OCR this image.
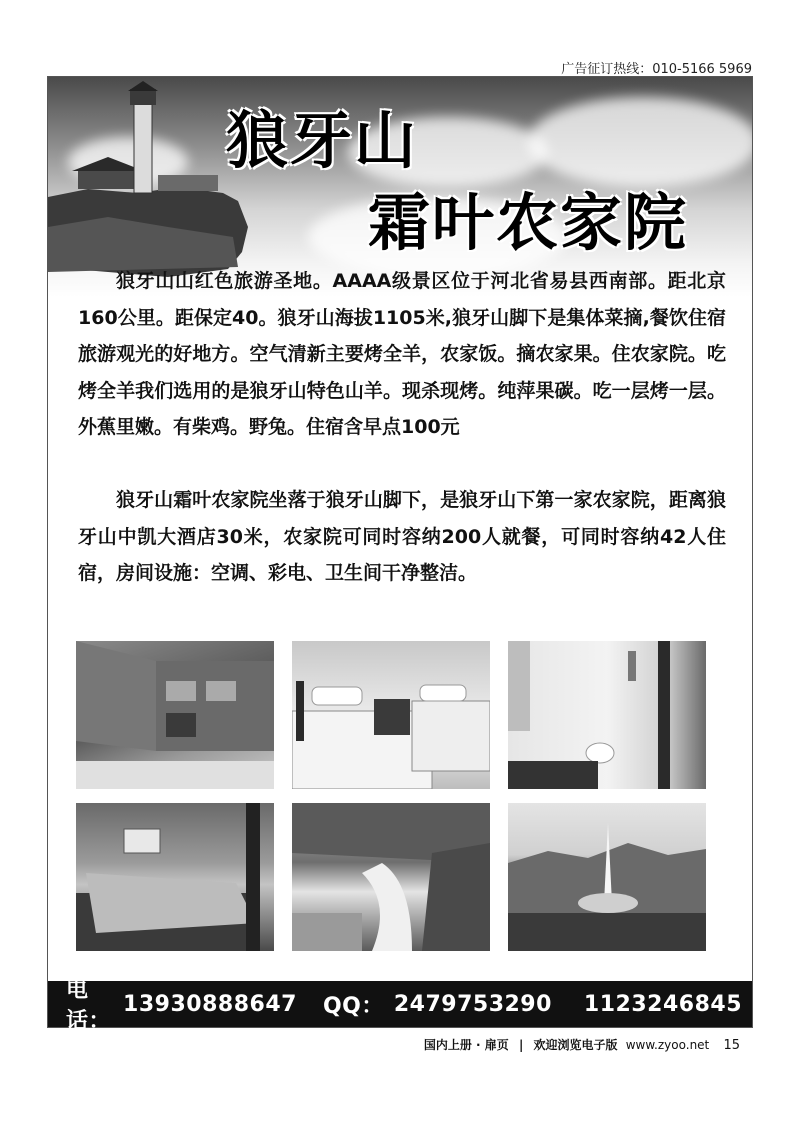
广告征订热线：010-5166 5969
狼牙山
霜叶农家院
狼牙山山红色旅游圣地。AAAA级景区位于河北省易县西南部。距北京160公里。距保定40。狼牙山海拔1105米,狼牙山脚下是集体菜摘,餐饮住宿旅游观光的好地方。空气清新主要烤全羊，农家饭。摘农家果。住农家院。吃烤全羊我们选用的是狼牙山特色山羊。现杀现烤。纯萍果碳。吃一层烤一层。外蕉里嫩。有柴鸡。野兔。住宿含早点100元
狼牙山霜叶农家院坐落于狼牙山脚下，是狼牙山下第一家农家院，距离狼牙山中凯大酒店30米，农家院可同时容纳200人就餐，可同时容纳42人住宿，房间设施：空调、彩电、卫生间干净整洁。
电话：
13930888647 QQ： 2479753290 1123246845
国内上册 · 扉页 | 欢迎浏览电子版 www.zyoo.net 15
